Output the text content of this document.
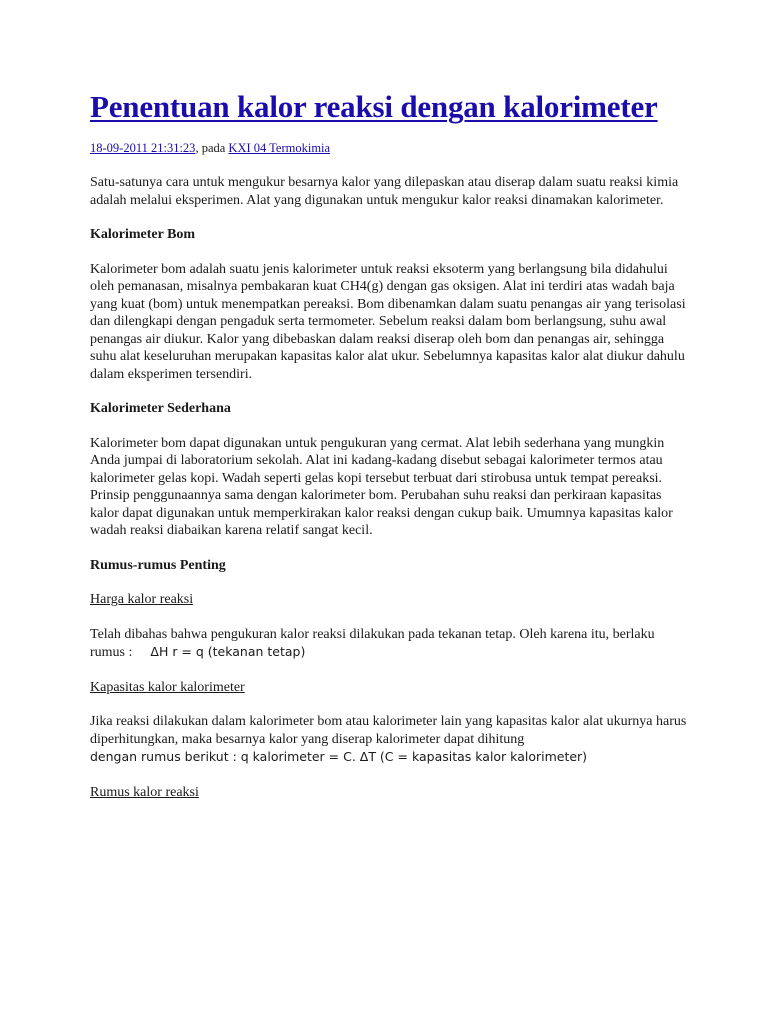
Penentuan kalor reaksi dengan kalorimeter
18-09-2011 21:31:23, pada KXI 04 Termokimia

Satu-satunya cara untuk mengukur besarnya kalor yang dilepaskan atau diserap dalam suatu reaksi kimia adalah melalui eksperimen. Alat yang digunakan untuk mengukur kalor reaksi dinamakan kalorimeter.

Kalorimeter Bom

Kalorimeter bom adalah suatu jenis kalorimeter untuk reaksi eksoterm yang berlangsung bila didahului oleh pemanasan, misalnya pembakaran kuat CH4(g) dengan gas oksigen. Alat ini terdiri atas wadah baja yang kuat (bom) untuk menempatkan pereaksi. Bom dibenamkan dalam suatu penangas air yang terisolasi dan dilengkapi dengan pengaduk serta termometer. Sebelum reaksi dalam bom berlangsung, suhu awal penangas air diukur. Kalor yang dibebaskan dalam reaksi diserap oleh bom dan penangas air, sehingga suhu alat keseluruhan merupakan kapasitas kalor alat ukur. Sebelumnya kapasitas kalor alat diukur dahulu dalam eksperimen tersendiri.

Kalorimeter Sederhana

Kalorimeter bom dapat digunakan untuk pengukuran yang cermat. Alat lebih sederhana yang mungkin Anda jumpai di laboratorium sekolah. Alat ini kadang-kadang disebut sebagai kalorimeter termos atau kalorimeter gelas kopi. Wadah seperti gelas kopi tersebut terbuat dari stirobusa untuk tempat pereaksi. Prinsip penggunaannya sama dengan kalorimeter bom. Perubahan suhu reaksi dan perkiraan kapasitas kalor dapat digunakan untuk memperkirakan kalor reaksi dengan cukup baik. Umumnya kapasitas kalor wadah reaksi diabaikan karena relatif sangat kecil.

Rumus-rumus Penting

Harga kalor reaksi

Telah dibahas bahwa pengukuran kalor reaksi dilakukan pada tekanan tetap. Oleh karena itu, berlaku rumus : ΔH r = q (tekanan tetap)

Kapasitas kalor kalorimeter

Jika reaksi dilakukan dalam kalorimeter bom atau kalorimeter lain yang kapasitas kalor alat ukurnya harus diperhitungkan, maka besarnya kalor yang diserap kalorimeter dapat dihitung
dengan rumus berikut : q kalorimeter = C. ΔT (C = kapasitas kalor kalorimeter)

Rumus kalor reaksi
